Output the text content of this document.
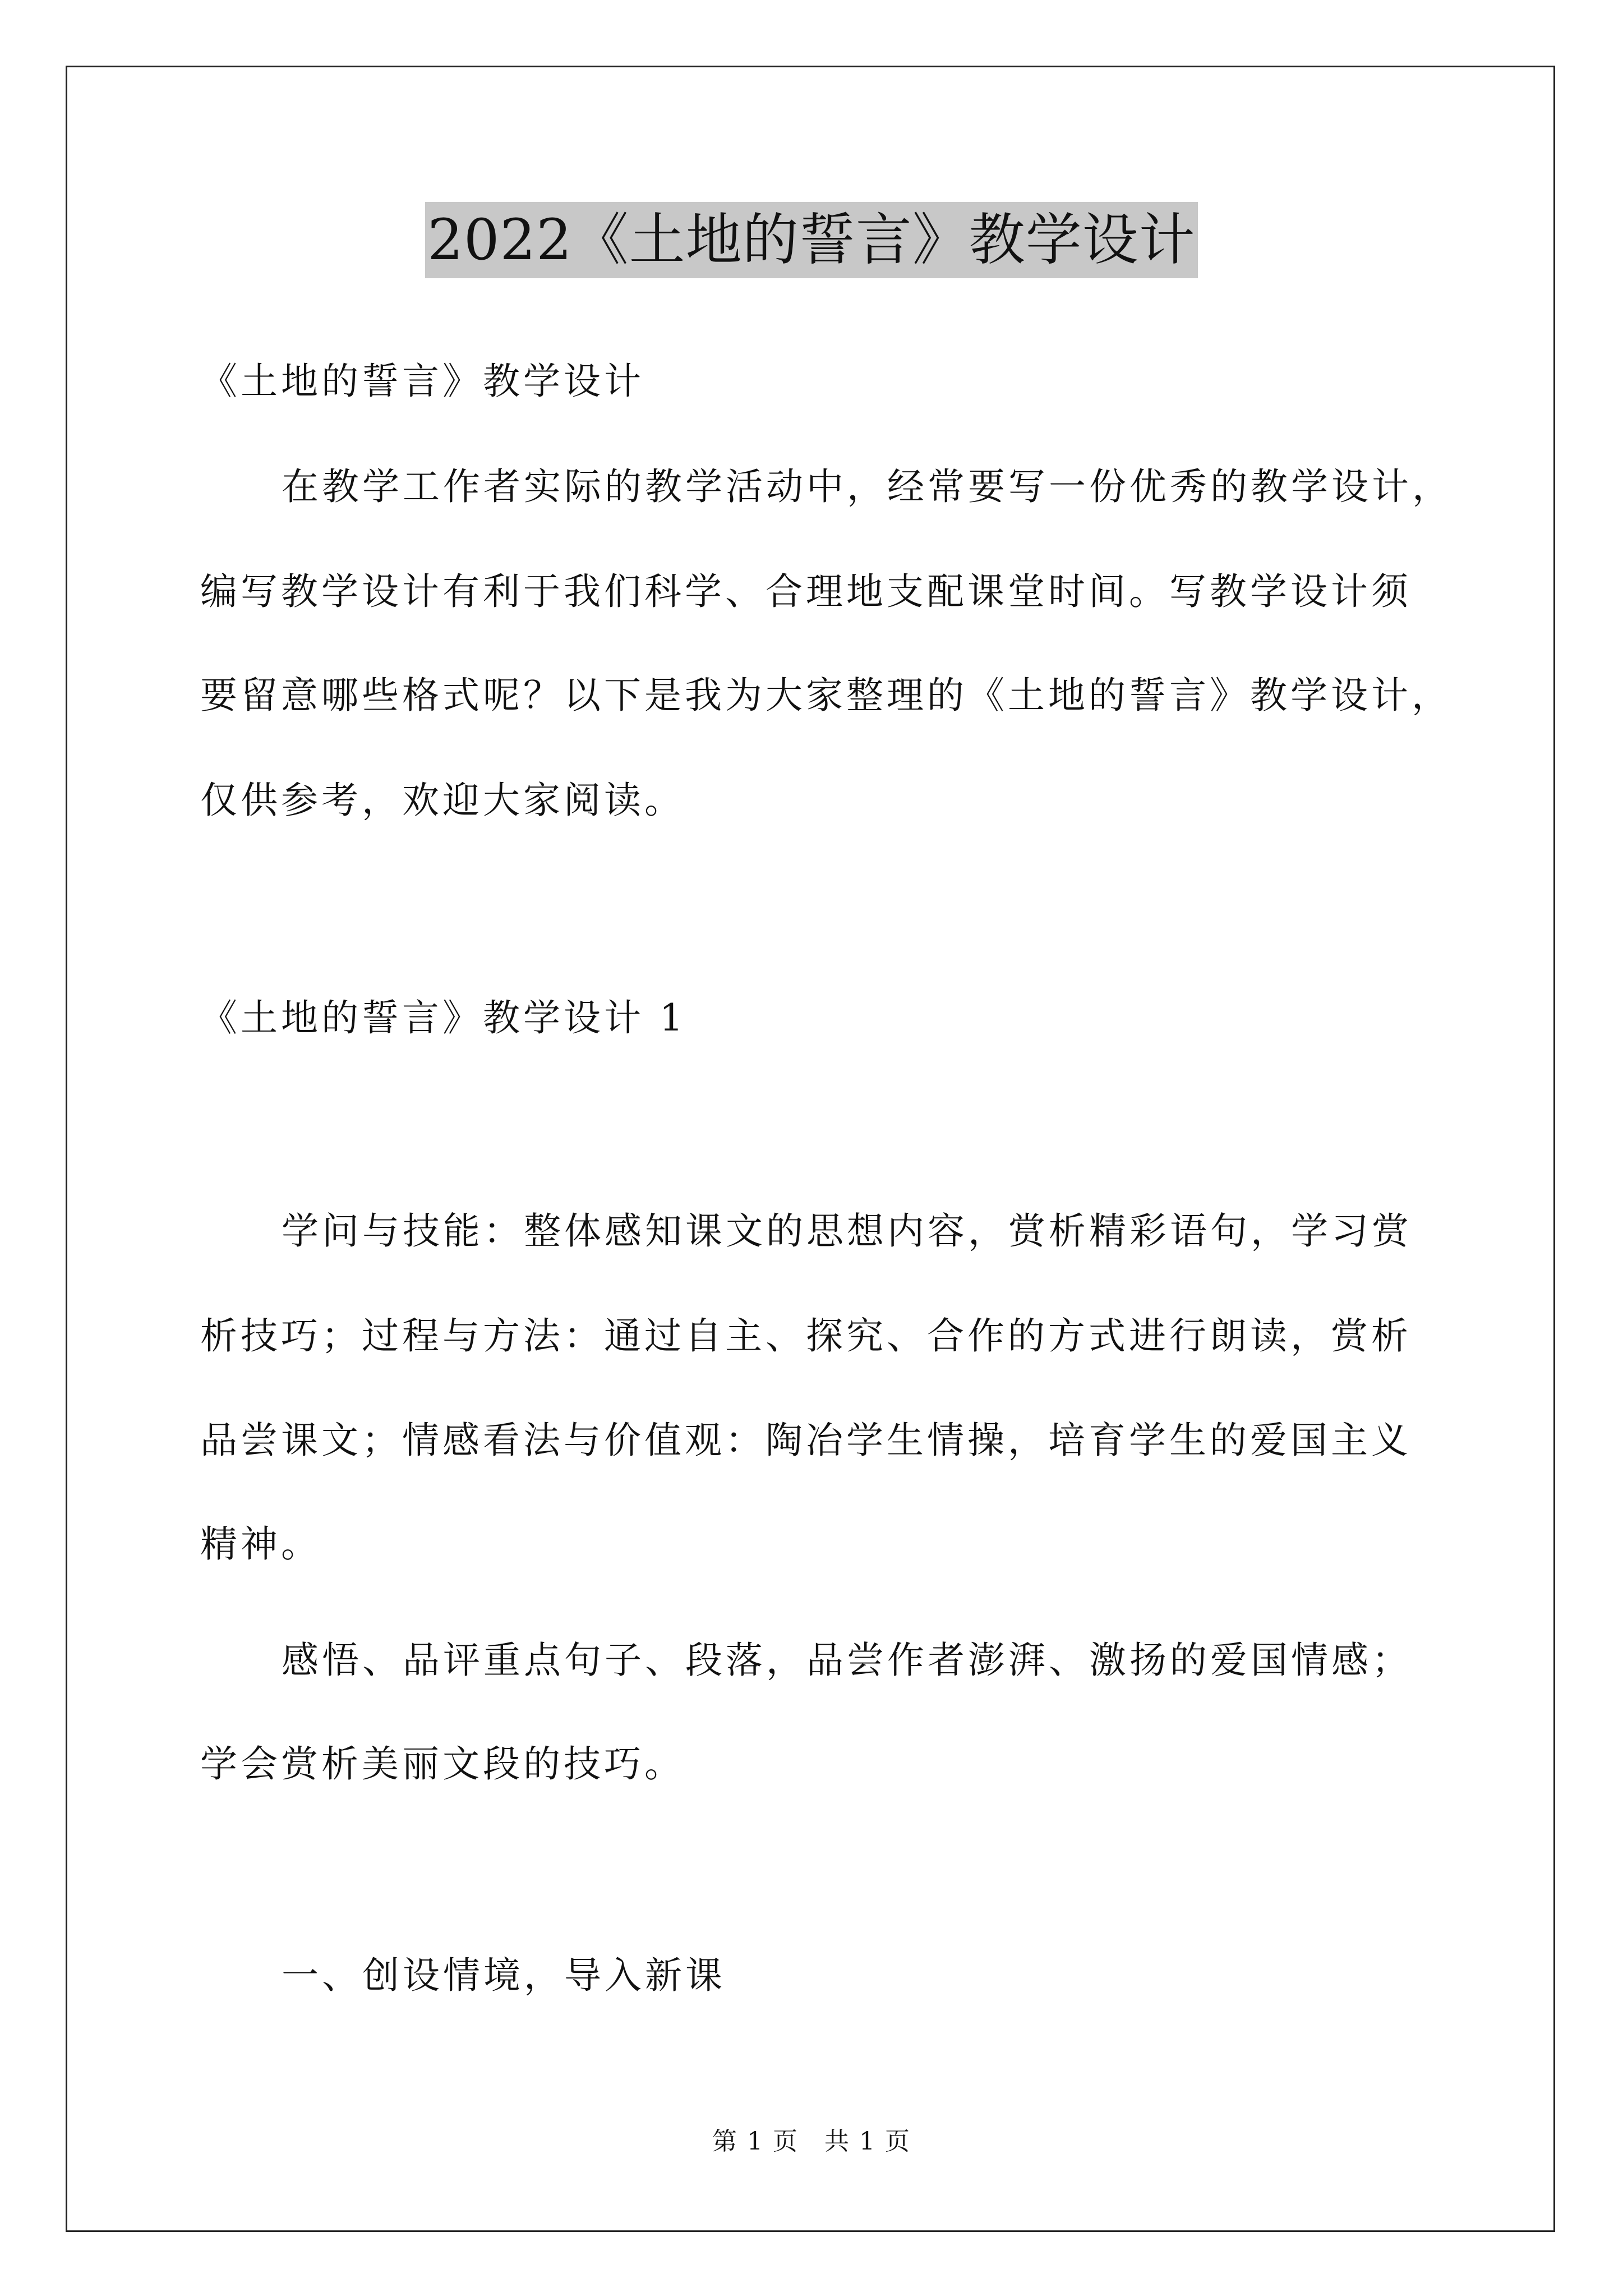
2022《土地的誓言》教学设计
《土地的誓言》教学设计
在教学工作者实际的教学活动中，经常要写一份优秀的教学设计，
编写教学设计有利于我们科学、合理地支配课堂时间。写教学设计须
要留意哪些格式呢？以下是我为大家整理的《土地的誓言》教学设计，
仅供参考，欢迎大家阅读。
《土地的誓言》教学设计 1
学问与技能：整体感知课文的思想内容，赏析精彩语句，学习赏
析技巧；过程与方法：通过自主、探究、合作的方式进行朗读，赏析
品尝课文；情感看法与价值观：陶冶学生情操，培育学生的爱国主义
精神。
感悟、品评重点句子、段落，品尝作者澎湃、激扬的爱国情感；
学会赏析美丽文段的技巧。
一、创设情境，导入新课
第 1 页　共 1 页
